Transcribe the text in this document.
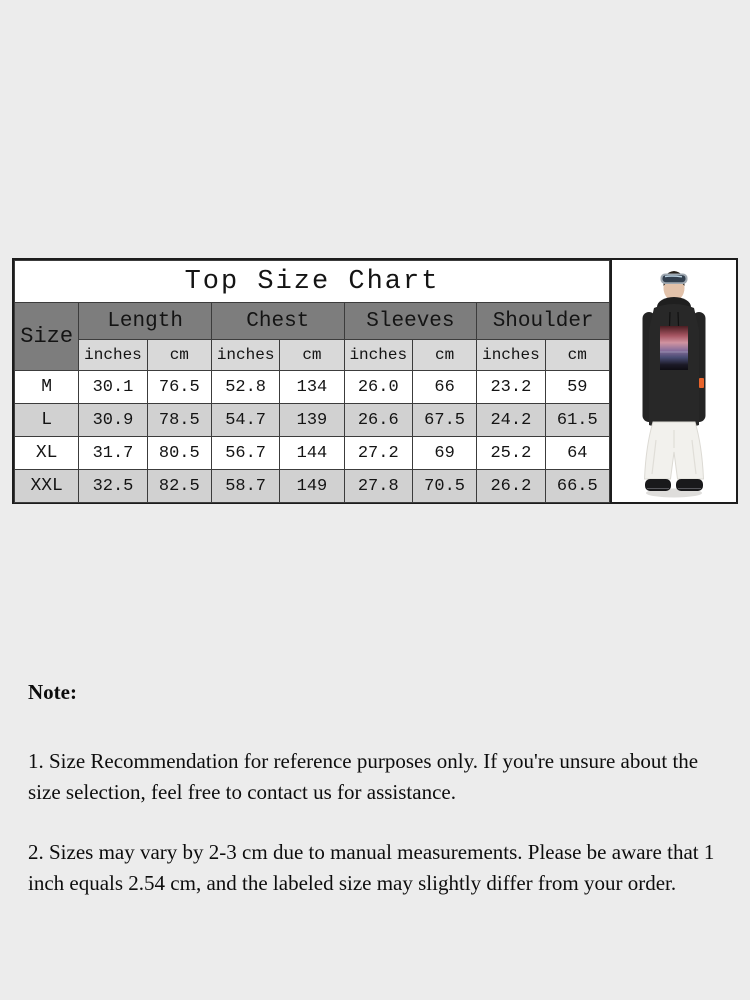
Top Size Chart								
Size	Length		Chest		Sleeves		Shoulder	
	inches	cm	inches	cm	inches	cm	inches	cm
M	30.1	76.5	52.8	134	26.0	66	23.2	59
L	30.9	78.5	54.7	139	26.6	67.5	24.2	61.5
XL	31.7	80.5	56.7	144	27.2	69	25.2	64
XXL	32.5	82.5	58.7	149	27.8	70.5	26.2	66.5

Note:

1. Size Recommendation for reference purposes only. If you're unsure about the size selection, feel free to contact us for assistance.

2. Sizes may vary by 2-3 cm due to manual measurements. Please be aware that 1 inch equals 2.54 cm, and the labeled size may slightly differ from your order.
